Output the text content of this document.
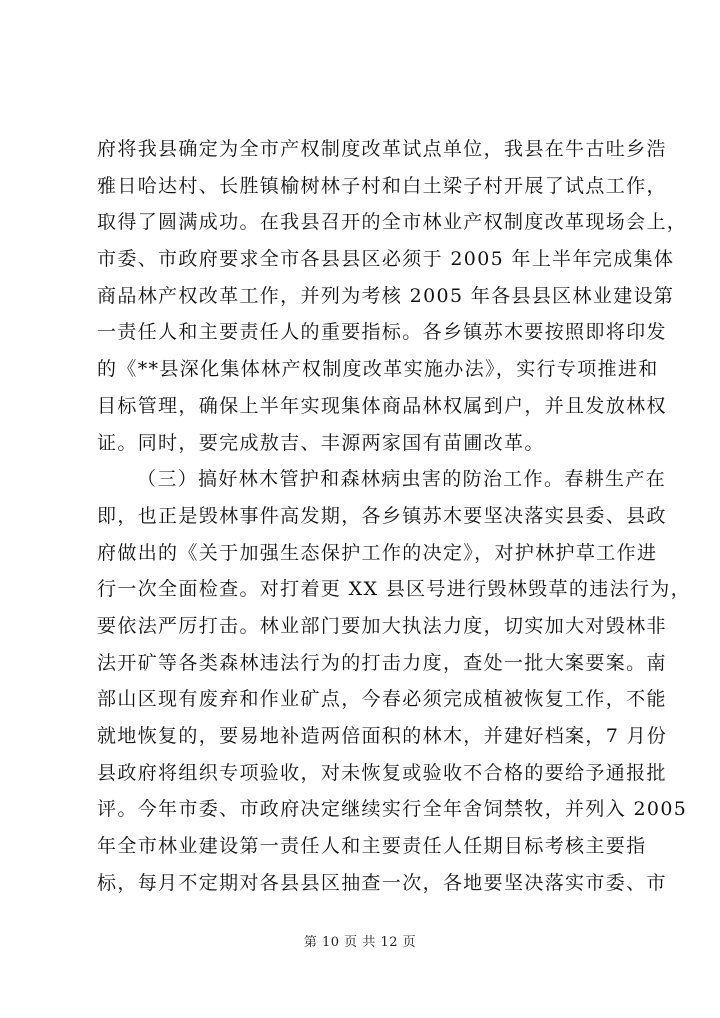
府将我县确定为全市产权制度改革试点单位，我县在牛古吐乡浩
雅日哈达村、长胜镇榆树林子村和白土梁子村开展了试点工作，
取得了圆满成功。在我县召开的全市林业产权制度改革现场会上，
市委、市政府要求全市各县县区必须于 2005 年上半年完成集体
商品林产权改革工作，并列为考核 2005 年各县县区林业建设第
一责任人和主要责任人的重要指标。各乡镇苏木要按照即将印发
的《**县深化集体林产权制度改革实施办法》，实行专项推进和
目标管理，确保上半年实现集体商品林权属到户，并且发放林权
证。同时，要完成敖吉、丰源两家国有苗圃改革。
（三）搞好林木管护和森林病虫害的防治工作。春耕生产在
即，也正是毁林事件高发期，各乡镇苏木要坚决落实县委、县政
府做出的《关于加强生态保护工作的决定》，对护林护草工作进
行一次全面检查。对打着更 XX 县区号进行毁林毁草的违法行为，
要依法严厉打击。林业部门要加大执法力度，切实加大对毁林非
法开矿等各类森林违法行为的打击力度，查处一批大案要案。南
部山区现有废弃和作业矿点，今春必须完成植被恢复工作，不能
就地恢复的，要易地补造两倍面积的林木，并建好档案，7 月份
县政府将组织专项验收，对未恢复或验收不合格的要给予通报批
评。今年市委、市政府决定继续实行全年舍饲禁牧，并列入 2005
年全市林业建设第一责任人和主要责任人任期目标考核主要指
标，每月不定期对各县县区抽查一次，各地要坚决落实市委、市
第 10 页 共 12 页
